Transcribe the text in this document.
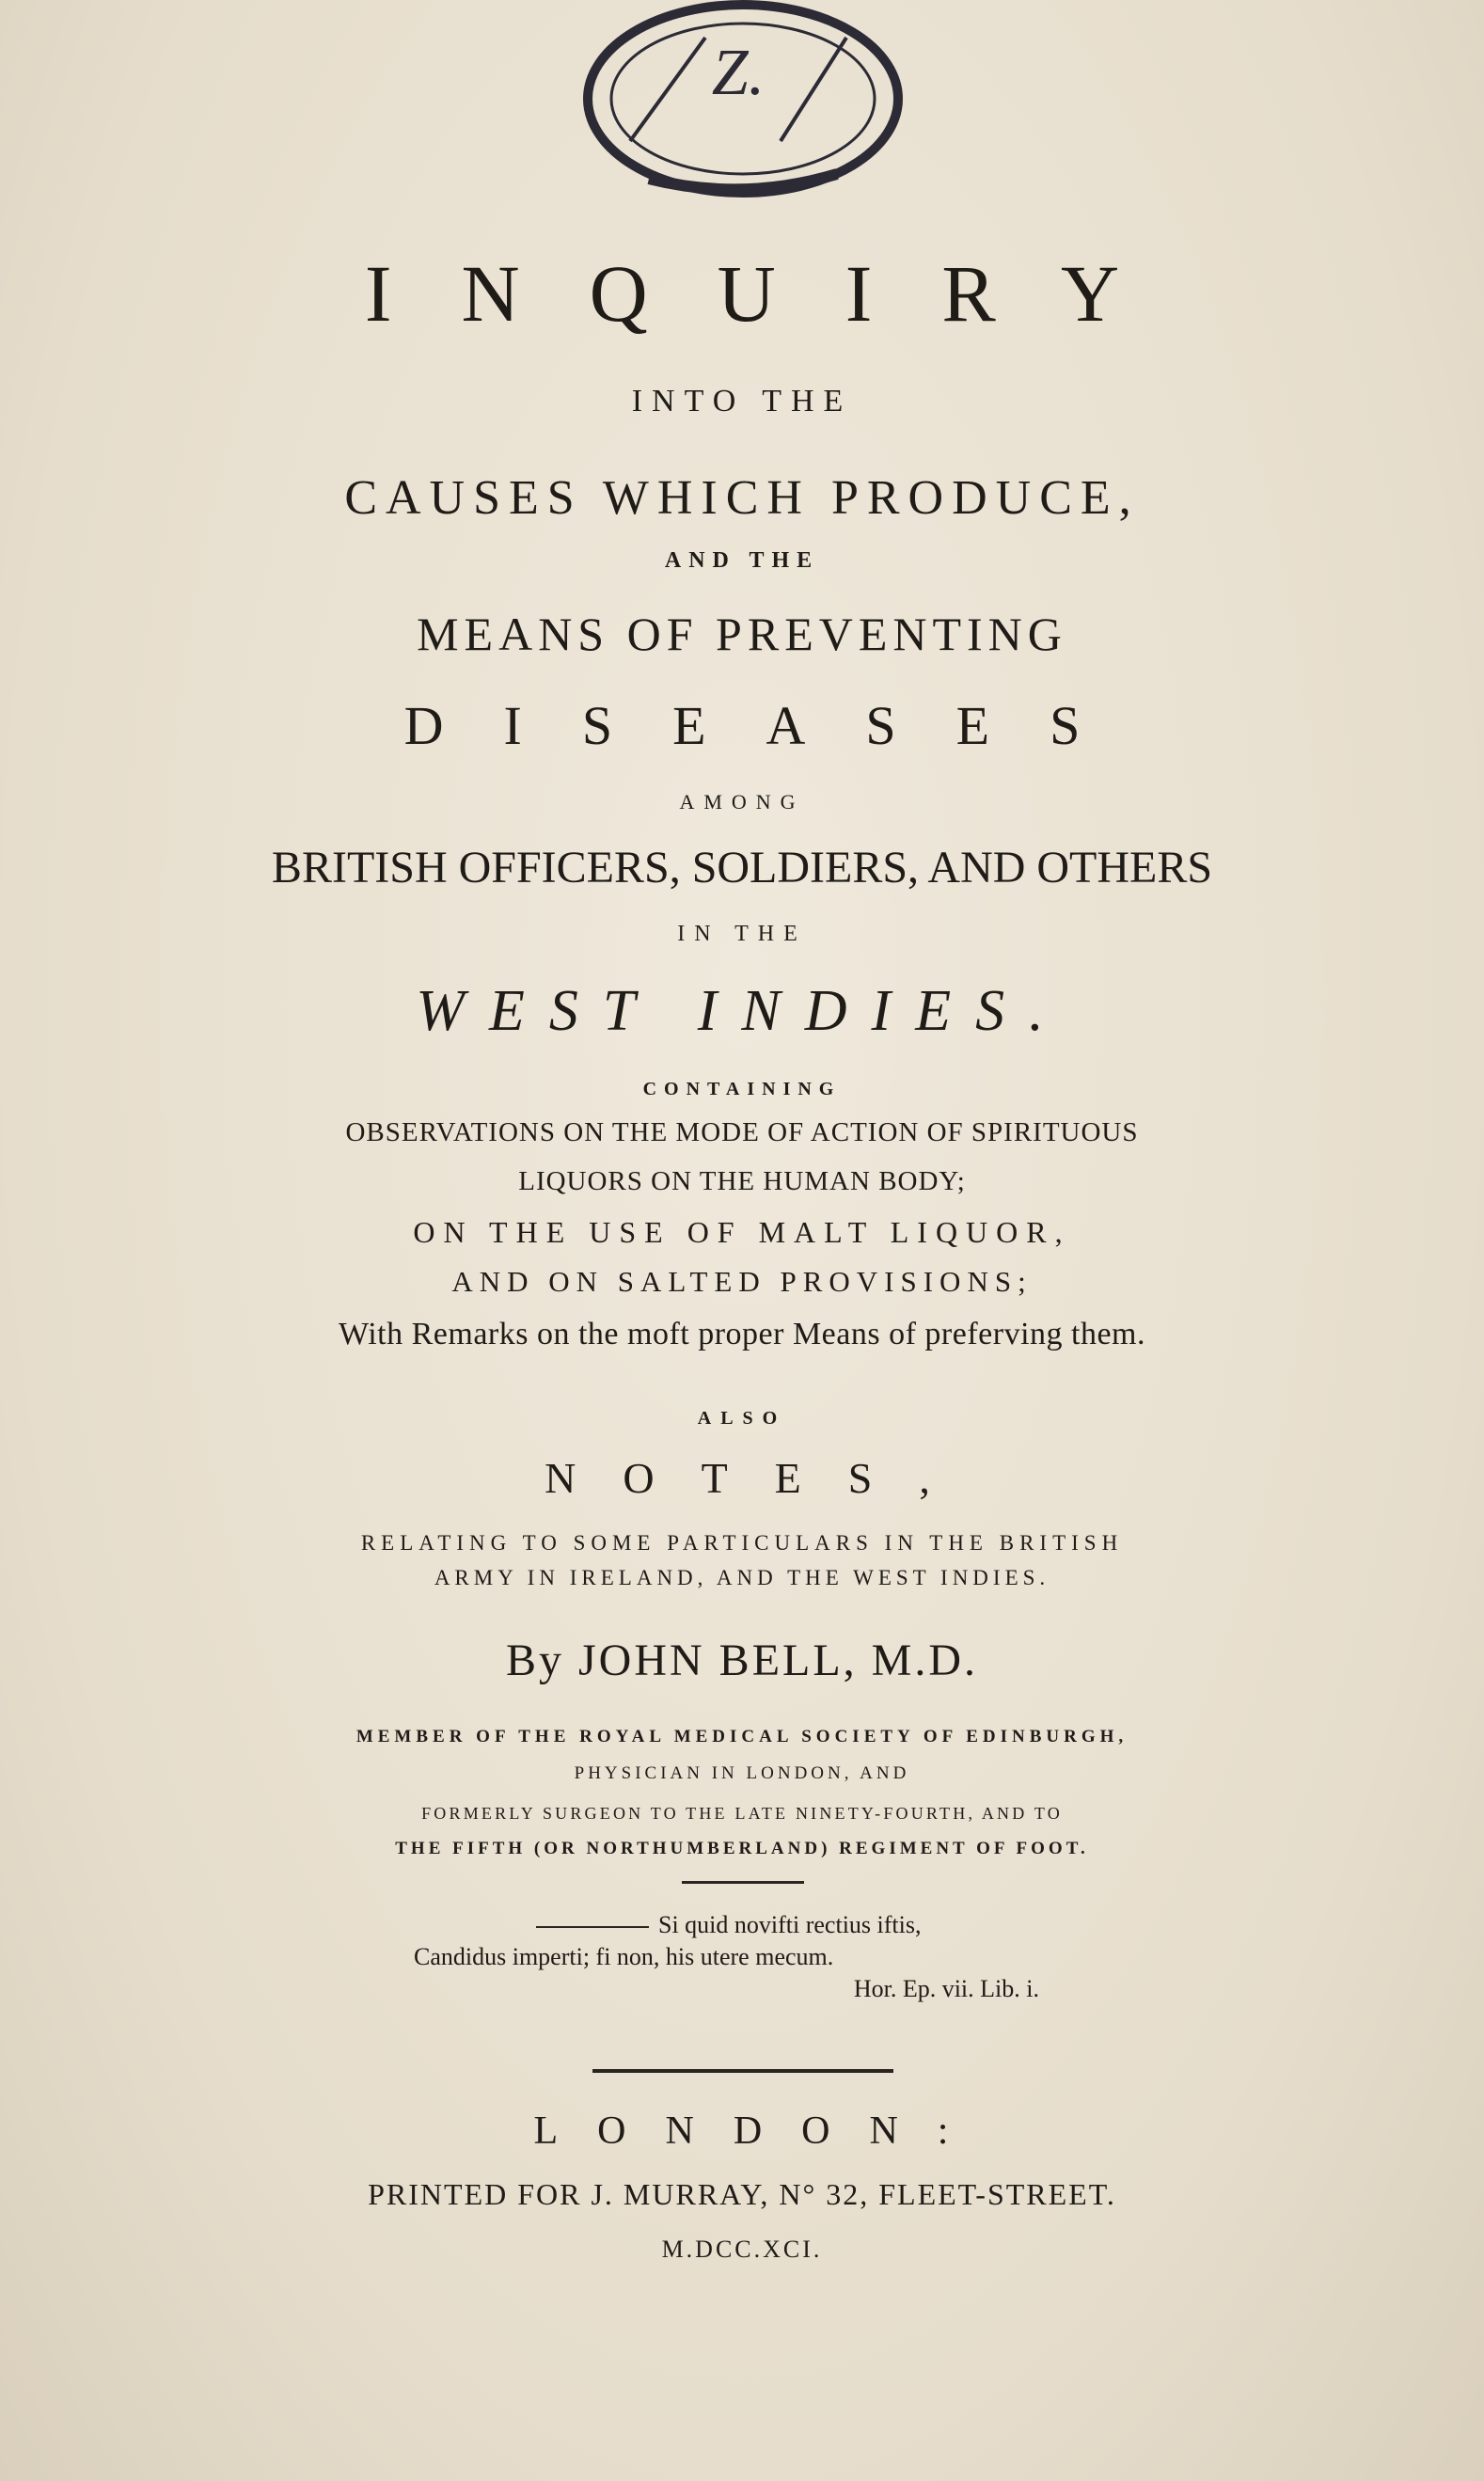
Z.
INQUIRY
INTO THE
CAUSES WHICH PRODUCE,
AND THE
MEANS OF PREVENTING
DISEASES
AMONG
BRITISH OFFICERS, SOLDIERS, AND OTHERS
IN THE
WEST INDIES.
CONTAINING
OBSERVATIONS ON THE MODE OF ACTION OF SPIRITUOUS
LIQUORS ON THE HUMAN BODY;
ON THE USE OF MALT LIQUOR,
AND ON SALTED PROVISIONS;
With Remarks on the moft proper Means of preferving them.
ALSO
NOTES,
RELATING TO SOME PARTICULARS IN THE BRITISH
ARMY IN IRELAND, AND THE WEST INDIES.
By JOHN BELL, M.D.
MEMBER OF THE ROYAL MEDICAL SOCIETY OF EDINBURGH,
PHYSICIAN IN LONDON, AND
FORMERLY SURGEON TO THE LATE NINETY-FOURTH, AND TO
THE FIFTH (OR NORTHUMBERLAND) REGIMENT OF FOOT.
Si quid novifti rectius iftis,
Candidus imperti; fi non, his utere mecum.
Hor. Ep. vii. Lib. i.
LONDON:
PRINTED FOR J. MURRAY, N° 32, FLEET-STREET.
M.DCC.XCI.
